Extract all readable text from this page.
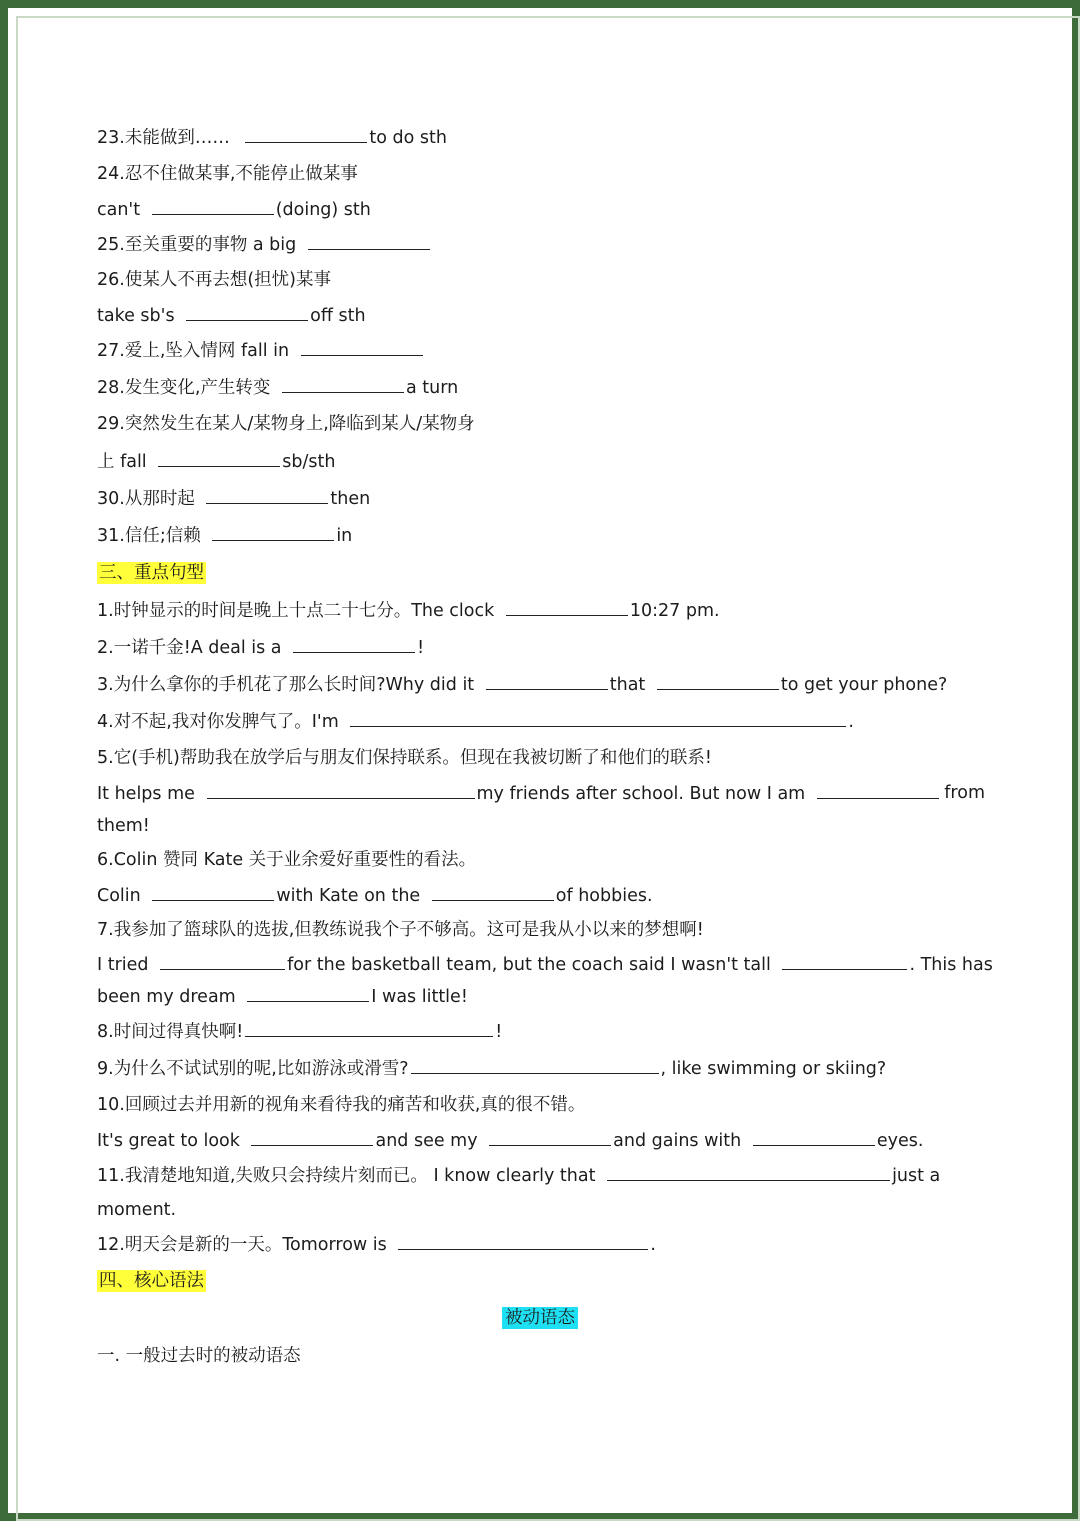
23.未能做到……	to do sth
24.忍不住做某事,不能停止做某事
can't	(doing) sth
25.至关重要的事物 a big
26.使某人不再去想(担忧)某事
take sb's	off sth
27.爱上,坠入情网 fall in
28.发生变化,产生转变	a turn
29.突然发生在某人/某物身上,降临到某人/某物身
上 fall	sb/sth
30.从那时起	then
31.信任;信赖	in
三、重点句型
1.时钟显示的时间是晚上十点二十七分。The clock	10:27 pm.
2.一诺千金!A deal is a	!
3.为什么拿你的手机花了那么长时间?Why did it	that	to get your phone?
4.对不起,我对你发脾气了。I'm	.
5.它(手机)帮助我在放学后与朋友们保持联系。但现在我被切断了和他们的联系!
It helps me	my friends after school. But now I am	from
them!
6.Colin 赞同 Kate 关于业余爱好重要性的看法。
Colin	with Kate on the	of hobbies.
7.我参加了篮球队的选拔,但教练说我个子不够高。这可是我从小以来的梦想啊!
I tried	for the basketball team, but the coach said I wasn't tall	. This has
been my dream	I was little!
8.时间过得真快啊!	!
9.为什么不试试别的呢,比如游泳或滑雪?	, like swimming or skiing?
10.回顾过去并用新的视角来看待我的痛苦和收获,真的很不错。
It's great to look	and see my	and gains with	eyes.
11.我清楚地知道,失败只会持续片刻而已。 I know clearly that	just a
moment.
12.明天会是新的一天。Tomorrow is	.
四、核心语法
被动语态
一. 一般过去时的被动语态
